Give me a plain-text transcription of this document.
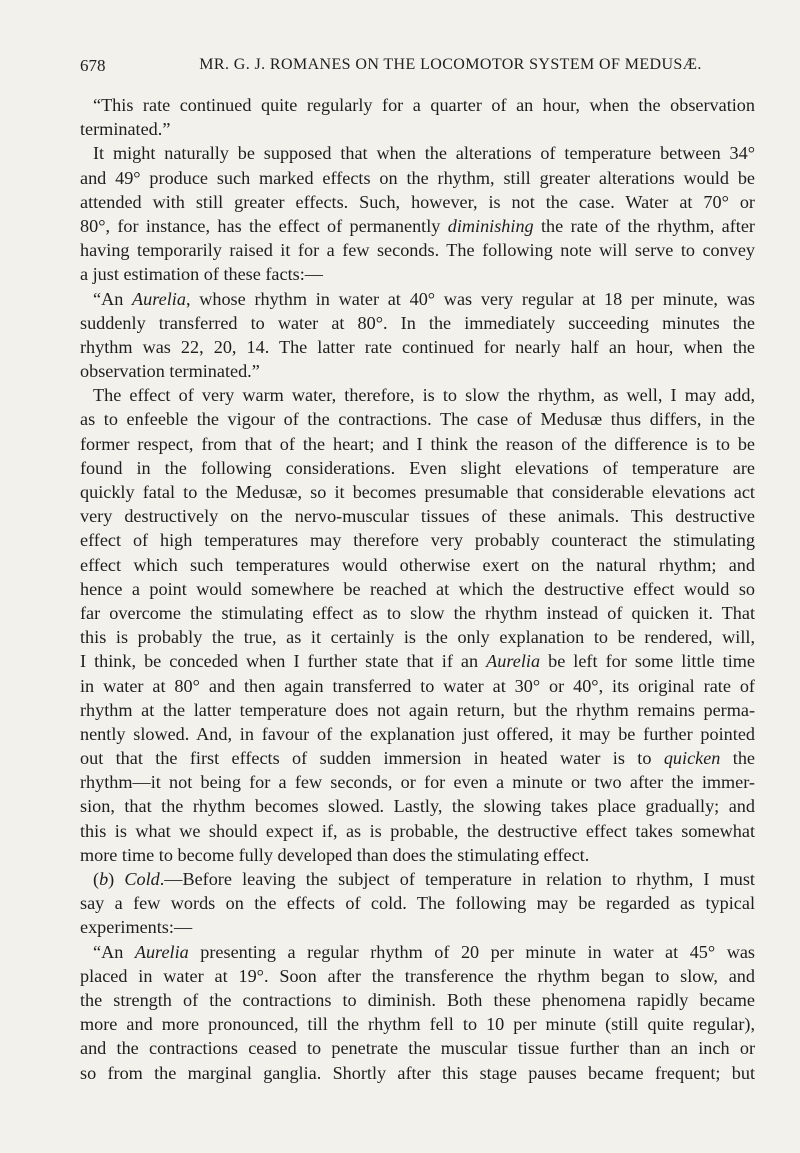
678	MR. G. J. ROMANES ON THE LOCOMOTOR SYSTEM OF MEDUSÆ.
“This rate continued quite regularly for a quarter of an hour, when the observation
terminated.”
It might naturally be supposed that when the alterations of temperature between 34°
and 49° produce such marked effects on the rhythm, still greater alterations would be
attended with still greater effects. Such, however, is not the case. Water at 70° or
80°, for instance, has the effect of permanently diminishing the rate of the rhythm, after
having temporarily raised it for a few seconds. The following note will serve to convey
a just estimation of these facts:—
“An Aurelia, whose rhythm in water at 40° was very regular at 18 per minute, was
suddenly transferred to water at 80°. In the immediately succeeding minutes the
rhythm was 22, 20, 14. The latter rate continued for nearly half an hour, when the
observation terminated.”
The effect of very warm water, therefore, is to slow the rhythm, as well, I may add,
as to enfeeble the vigour of the contractions. The case of Medusæ thus differs, in the
former respect, from that of the heart; and I think the reason of the difference is to be
found in the following considerations. Even slight elevations of temperature are
quickly fatal to the Medusæ, so it becomes presumable that considerable elevations act
very destructively on the nervo-muscular tissues of these animals. This destructive
effect of high temperatures may therefore very probably counteract the stimulating
effect which such temperatures would otherwise exert on the natural rhythm; and
hence a point would somewhere be reached at which the destructive effect would so
far overcome the stimulating effect as to slow the rhythm instead of quicken it. That
this is probably the true, as it certainly is the only explanation to be rendered, will,
I think, be conceded when I further state that if an Aurelia be left for some little time
in water at 80° and then again transferred to water at 30° or 40°, its original rate of
rhythm at the latter temperature does not again return, but the rhythm remains perma-
nently slowed. And, in favour of the explanation just offered, it may be further pointed
out that the first effects of sudden immersion in heated water is to quicken the
rhythm—it not being for a few seconds, or for even a minute or two after the immer-
sion, that the rhythm becomes slowed. Lastly, the slowing takes place gradually; and
this is what we should expect if, as is probable, the destructive effect takes somewhat
more time to become fully developed than does the stimulating effect.
(b) Cold.—Before leaving the subject of temperature in relation to rhythm, I must
say a few words on the effects of cold. The following may be regarded as typical
experiments:—
“An Aurelia presenting a regular rhythm of 20 per minute in water at 45° was
placed in water at 19°. Soon after the transference the rhythm began to slow, and
the strength of the contractions to diminish. Both these phenomena rapidly became
more and more pronounced, till the rhythm fell to 10 per minute (still quite regular),
and the contractions ceased to penetrate the muscular tissue further than an inch or
so from the marginal ganglia. Shortly after this stage pauses became frequent; but
